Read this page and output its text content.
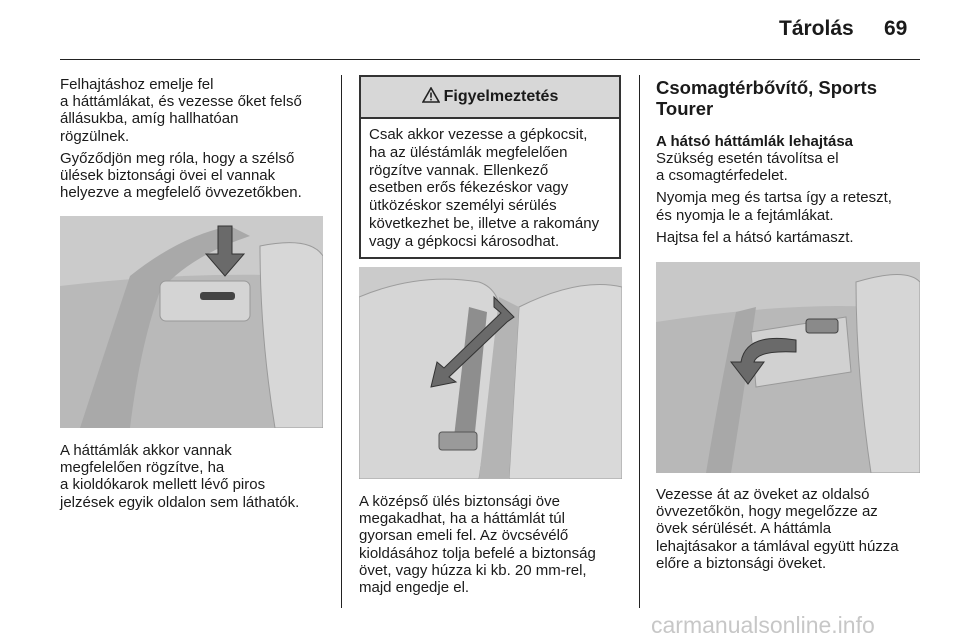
Tárolás 69

Felhajtáshoz emelje fel
a háttámlákat, és vezesse őket felső
állásukba, amíg hallhatóan
rögzülnek.

Győződjön meg róla, hogy a szélső
ülések biztonsági övei el vannak
helyezve a megfelelő övvezetőkben.

A háttámlák akkor vannak
megfelelően rögzítve, ha
a kioldókarok mellett lévő piros
jelzések egyik oldalon sem láthatók.

Figyelmeztetés
Csak akkor vezesse a gépkocsit,
ha az üléstámlák megfelelően
rögzítve vannak. Ellenkező
esetben erős fékezéskor vagy
ütközéskor személyi sérülés
következhet be, illetve a rakomány
vagy a gépkocsi károsodhat.

A középső ülés biztonsági öve
megakadhat, ha a háttámlát túl
gyorsan emeli fel. Az övcsévélő
kioldásához tolja befelé a biztonság
övet, vagy húzza ki kb. 20 mm-rel,
majd engedje el.

Csomagtérbővítő, Sports
Tourer
A hátsó háttámlák lehajtása

Szükség esetén távolítsa el
a csomagtérfedelet.

Nyomja meg és tartsa így a reteszt,
és nyomja le a fejtámlákat.

Hajtsa fel a hátsó kartámaszt.

Vezesse át az öveket az oldalsó
övvezetőkön, hogy megelőzze az
övek sérülését. A háttámla
lehajtásakor a támlával együtt húzza
előre a biztonsági öveket.

carmanualsonline.info
